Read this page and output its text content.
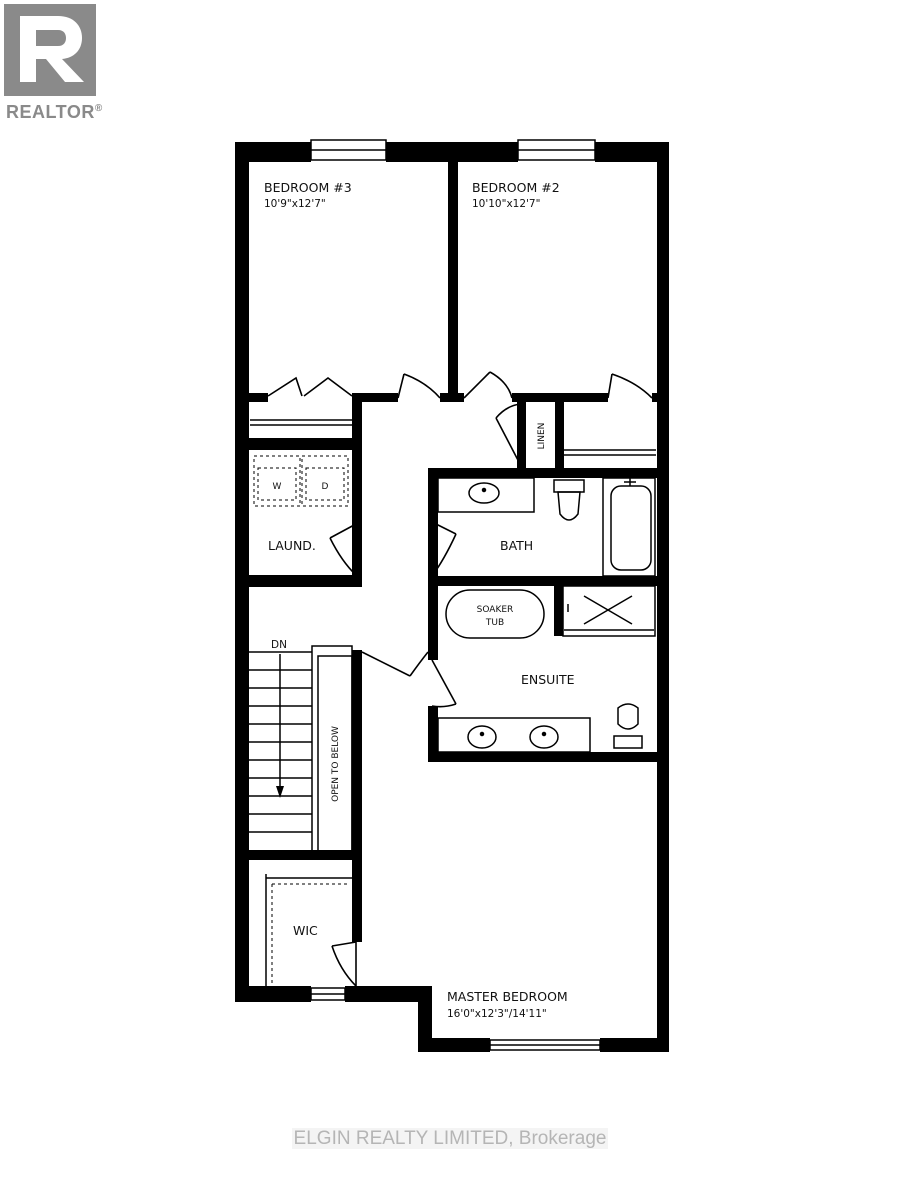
REALTOR®
BEDROOM #3
10'9"x12'7"
BEDROOM #2
10'10"x12'7"
W	D
LAUND.	BATH
SOAKER
TUB
ENSUITE
LINEN
DN
OPEN TO BELOW
WIC
MASTER BEDROOM
16'0"x12'3"/14'11"
ELGIN REALTY LIMITED, Brokerage
